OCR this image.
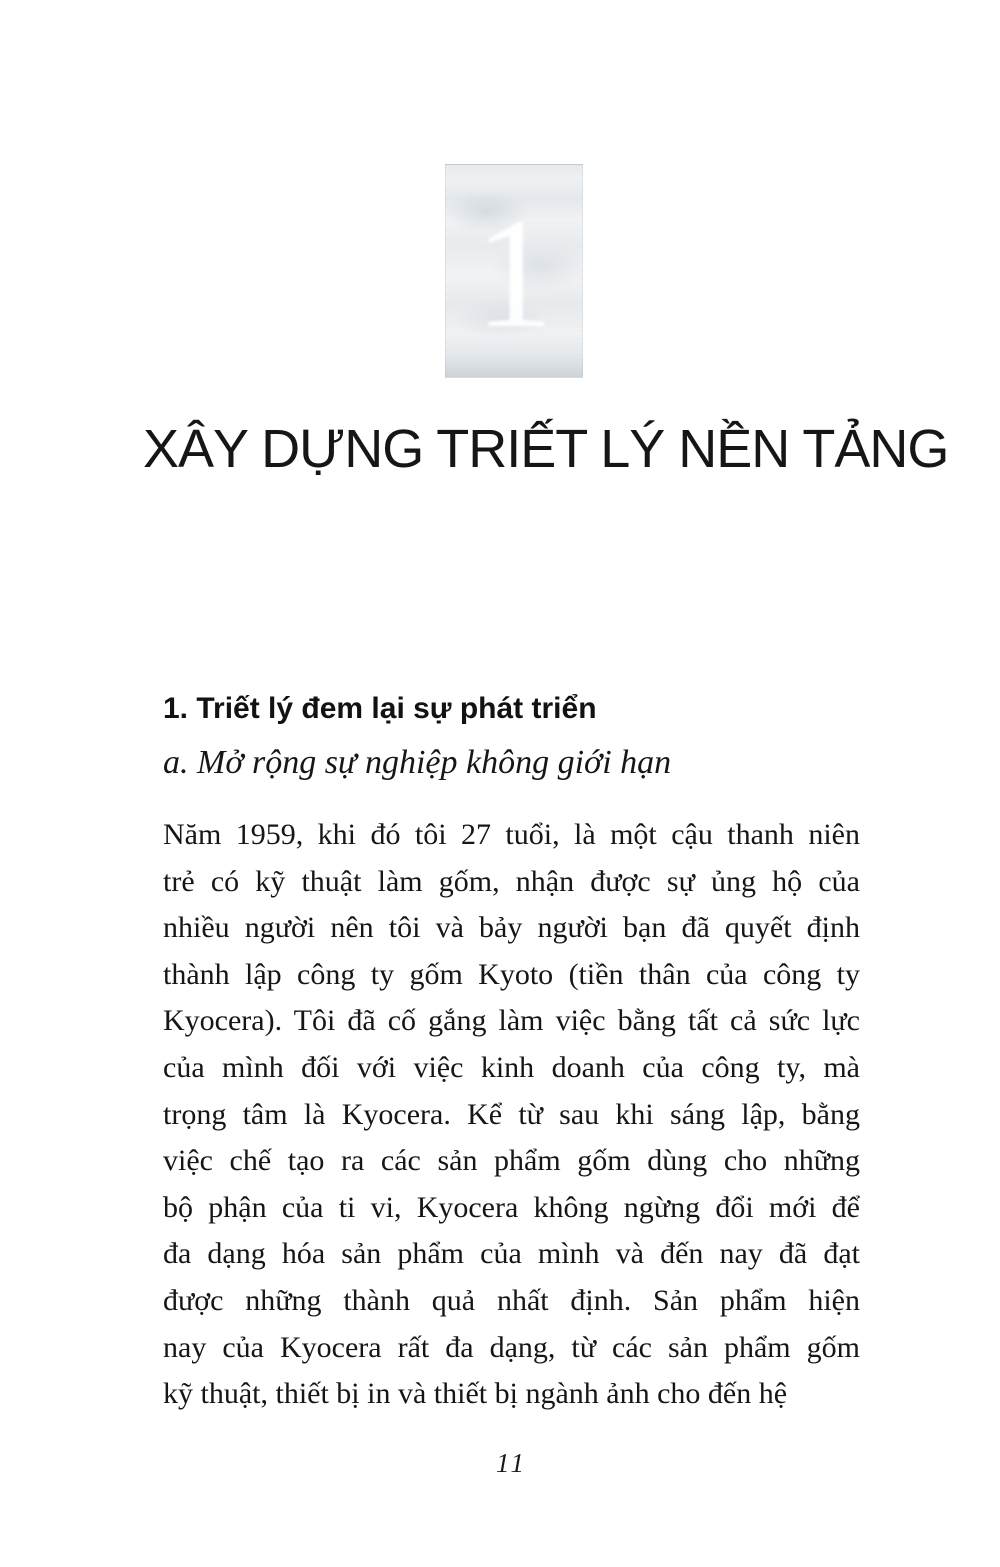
1
XÂY DỰNG TRIẾT LÝ NỀN TẢNG
1. Triết lý đem lại sự phát triển
a. Mở rộng sự nghiệp không giới hạn
Năm 1959, khi đó tôi 27 tuổi, là một cậu thanh niên
trẻ có kỹ thuật làm gốm, nhận được sự ủng hộ của
nhiều người nên tôi và bảy người bạn đã quyết định
thành lập công ty gốm Kyoto (tiền thân của công ty
Kyocera). Tôi đã cố gắng làm việc bằng tất cả sức lực
của mình đối với việc kinh doanh của công ty, mà
trọng tâm là Kyocera. Kể từ sau khi sáng lập, bằng
việc chế tạo ra các sản phẩm gốm dùng cho những
bộ phận của ti vi, Kyocera không ngừng đổi mới để
đa dạng hóa sản phẩm của mình và đến nay đã đạt
được những thành quả nhất định. Sản phẩm hiện
nay của Kyocera rất đa dạng, từ các sản phẩm gốm
kỹ thuật, thiết bị in và thiết bị ngành ảnh cho đến hệ
11
